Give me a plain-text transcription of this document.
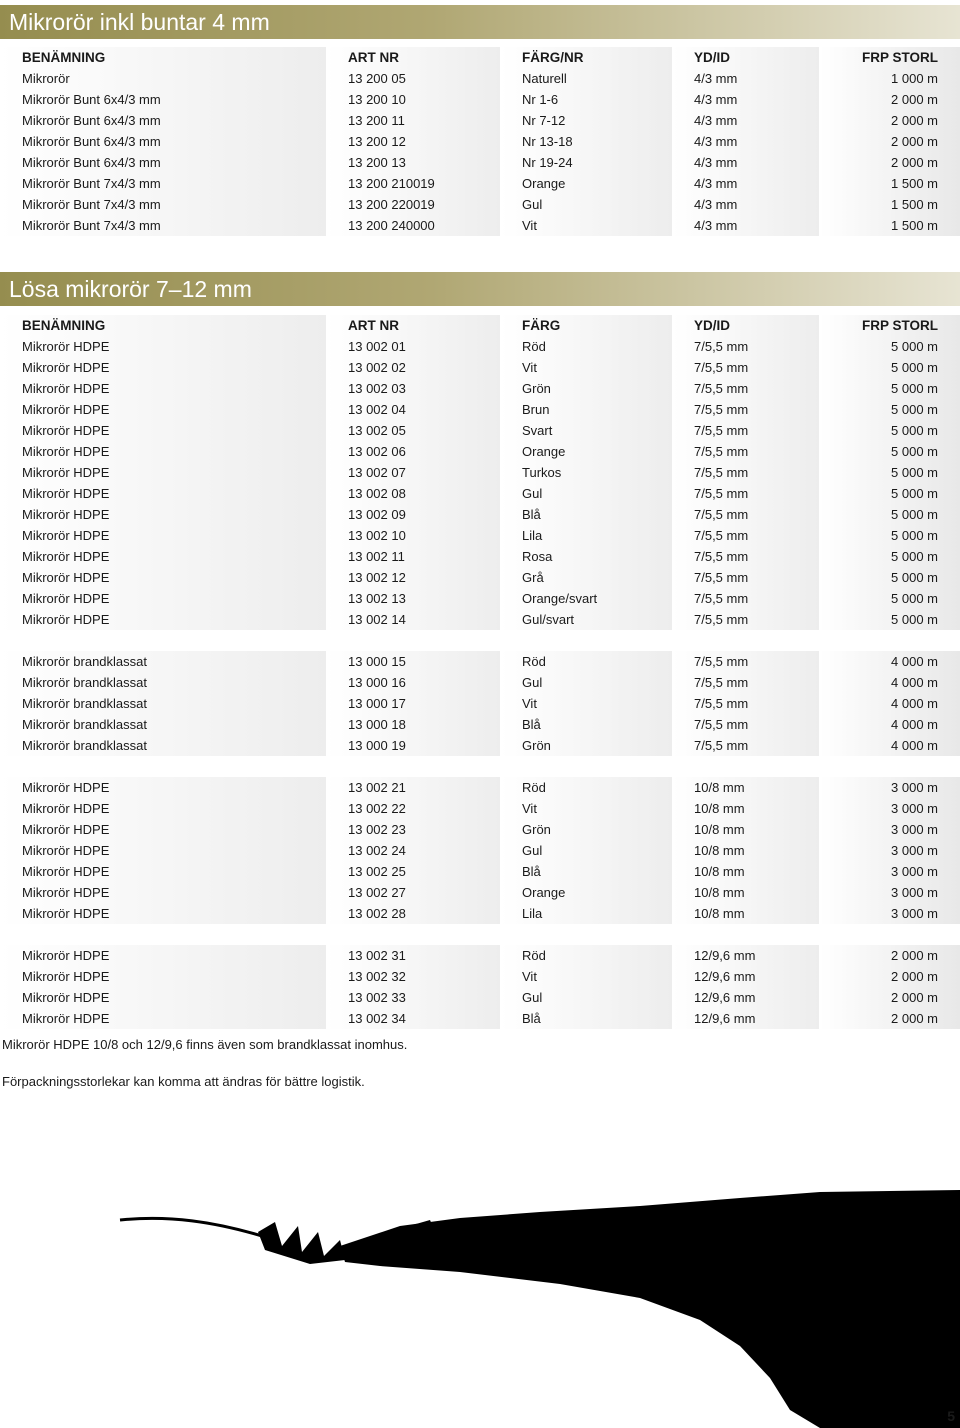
Mikrorör inkl buntar 4 mm
BENÄMNING	ART NR	FÄRG/NR	YD/ID	FRP STORL
Mikrorör	13 200 05	Naturell	4/3 mm	1 000 m
Mikrorör Bunt 6x4/3 mm	13 200 10	Nr 1-6	4/3 mm	2 000 m
Mikrorör Bunt 6x4/3 mm	13 200 11	Nr 7-12	4/3 mm	2 000 m
Mikrorör Bunt 6x4/3 mm	13 200 12	Nr 13-18	4/3 mm	2 000 m
Mikrorör Bunt 6x4/3 mm	13 200 13	Nr 19-24	4/3 mm	2 000 m
Mikrorör Bunt 7x4/3 mm	13 200 210019	Orange	4/3 mm	1 500 m
Mikrorör Bunt 7x4/3 mm	13 200 220019	Gul	4/3 mm	1 500 m
Mikrorör Bunt 7x4/3 mm	13 200 240000	Vit	4/3 mm	1 500 m
Lösa mikrorör 7–12 mm
BENÄMNING	ART NR	FÄRG	YD/ID	FRP STORL
Mikrorör HDPE	13 002 01	Röd	7/5,5 mm	5 000 m
Mikrorör HDPE	13 002 02	Vit	7/5,5 mm	5 000 m
Mikrorör HDPE	13 002 03	Grön	7/5,5 mm	5 000 m
Mikrorör HDPE	13 002 04	Brun	7/5,5 mm	5 000 m
Mikrorör HDPE	13 002 05	Svart	7/5,5 mm	5 000 m
Mikrorör HDPE	13 002 06	Orange	7/5,5 mm	5 000 m
Mikrorör HDPE	13 002 07	Turkos	7/5,5 mm	5 000 m
Mikrorör HDPE	13 002 08	Gul	7/5,5 mm	5 000 m
Mikrorör HDPE	13 002 09	Blå	7/5,5 mm	5 000 m
Mikrorör HDPE	13 002 10	Lila	7/5,5 mm	5 000 m
Mikrorör HDPE	13 002 11	Rosa	7/5,5 mm	5 000 m
Mikrorör HDPE	13 002 12	Grå	7/5,5 mm	5 000 m
Mikrorör HDPE	13 002 13	Orange/svart	7/5,5 mm	5 000 m
Mikrorör HDPE	13 002 14	Gul/svart	7/5,5 mm	5 000 m
Mikrorör brandklassat	13 000 15	Röd	7/5,5 mm	4 000 m
Mikrorör brandklassat	13 000 16	Gul	7/5,5 mm	4 000 m
Mikrorör brandklassat	13 000 17	Vit	7/5,5 mm	4 000 m
Mikrorör brandklassat	13 000 18	Blå	7/5,5 mm	4 000 m
Mikrorör brandklassat	13 000 19	Grön	7/5,5 mm	4 000 m
Mikrorör HDPE	13 002 21	Röd	10/8 mm	3 000 m
Mikrorör HDPE	13 002 22	Vit	10/8 mm	3 000 m
Mikrorör HDPE	13 002 23	Grön	10/8 mm	3 000 m
Mikrorör HDPE	13 002 24	Gul	10/8 mm	3 000 m
Mikrorör HDPE	13 002 25	Blå	10/8 mm	3 000 m
Mikrorör HDPE	13 002 27	Orange	10/8 mm	3 000 m
Mikrorör HDPE	13 002 28	Lila	10/8 mm	3 000 m
Mikrorör HDPE	13 002 31	Röd	12/9,6 mm	2 000 m
Mikrorör HDPE	13 002 32	Vit	12/9,6 mm	2 000 m
Mikrorör HDPE	13 002 33	Gul	12/9,6 mm	2 000 m
Mikrorör HDPE	13 002 34	Blå	12/9,6 mm	2 000 m
Mikrorör HDPE 10/8 och 12/9,6 finns även som brandklassat inomhus.
Förpackningsstorlekar kan komma att ändras för bättre logistik.
5
